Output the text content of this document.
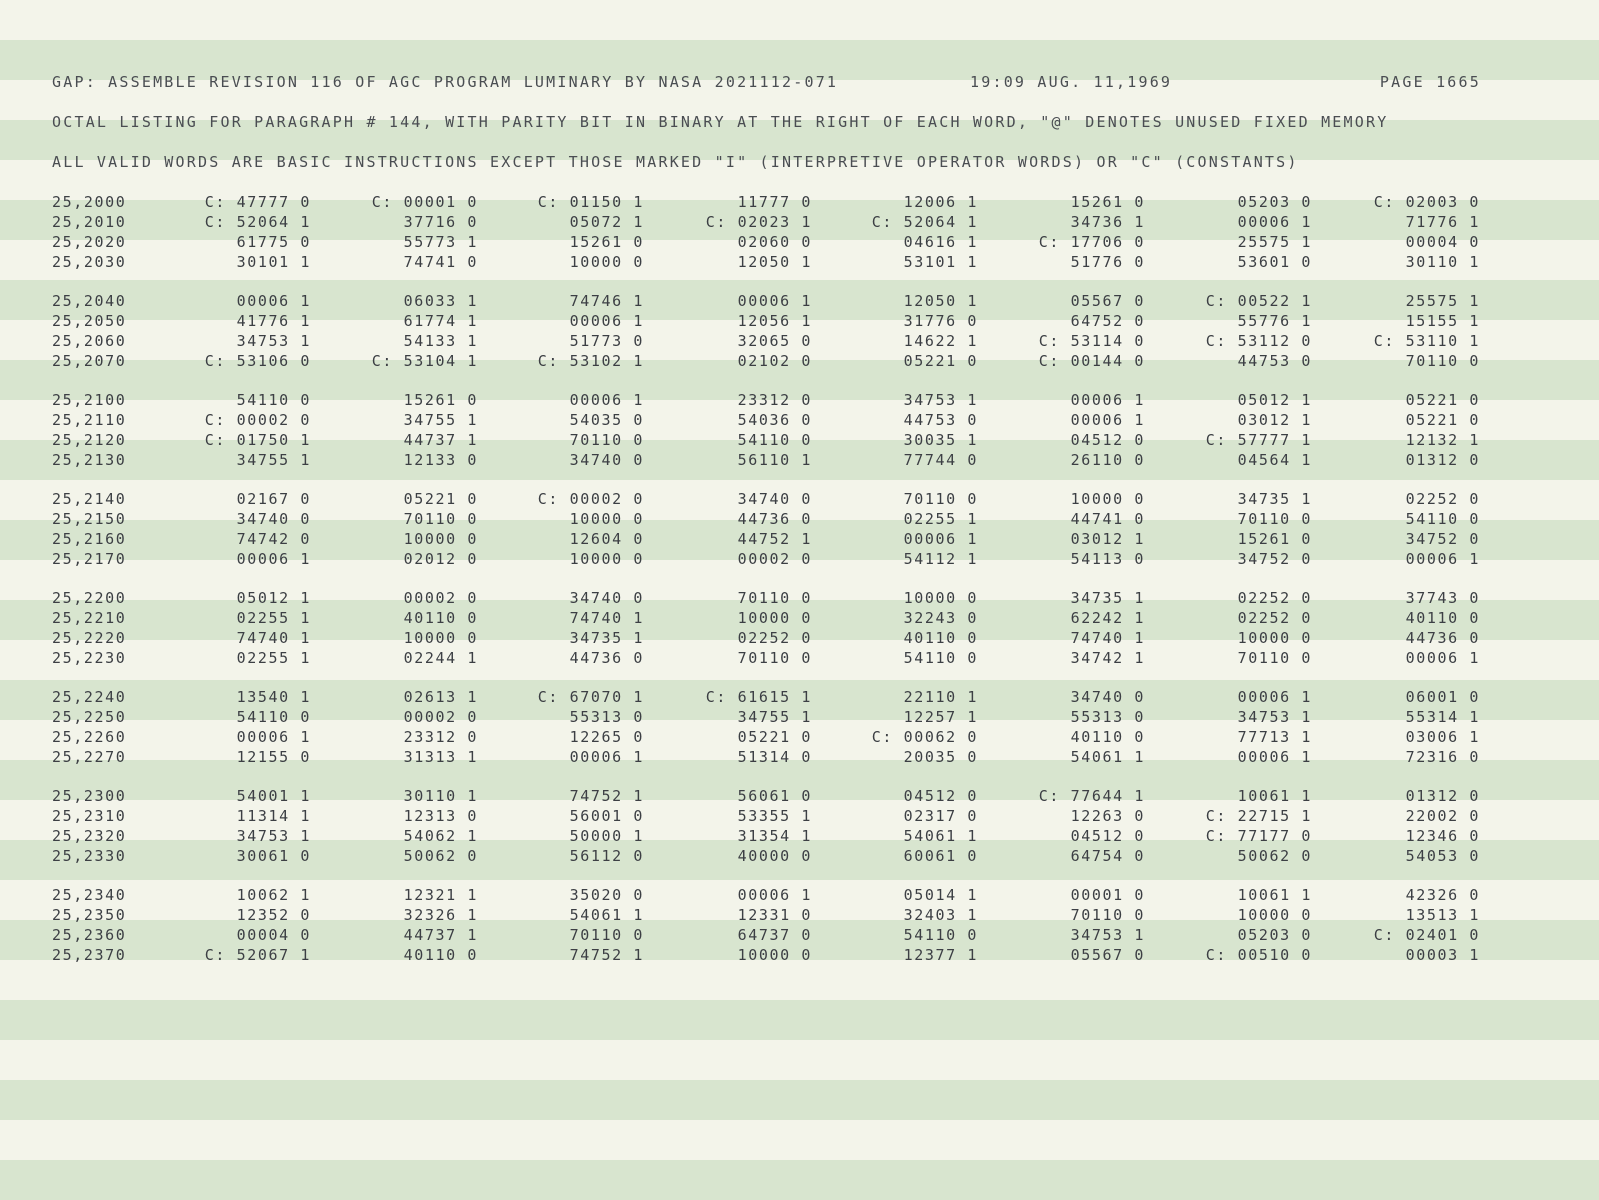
GAP: ASSEMBLE REVISION 116 OF AGC PROGRAM LUMINARY BY NASA 2021112-071	19:09 AUG. 11,1969	PAGE 1665
OCTAL LISTING FOR PARAGRAPH # 144, WITH PARITY BIT IN BINARY AT THE RIGHT OF EACH WORD, "@" DENOTES UNUSED FIXED MEMORY
ALL VALID WORDS ARE BASIC INSTRUCTIONS EXCEPT THOSE MARKED "I" (INTERPRETIVE OPERATOR WORDS) OR "C" (CONSTANTS)
25,2000	C: 47777 0	C: 00001 0	C: 01150 1	11777 0	12006 1	15261 0	05203 0	C: 02003 0
25,2010	C: 52064 1	37716 0	05072 1	C: 02023 1	C: 52064 1	34736 1	00006 1	71776 1
25,2020	61775 0	55773 1	15261 0	02060 0	04616 1	C: 17706 0	25575 1	00004 0
25,2030	30101 1	74741 0	10000 0	12050 1	53101 1	51776 0	53601 0	30110 1
25,2040	00006 1	06033 1	74746 1	00006 1	12050 1	05567 0	C: 00522 1	25575 1
25,2050	41776 1	61774 1	00006 1	12056 1	31776 0	64752 0	55776 1	15155 1
25,2060	34753 1	54133 1	51773 0	32065 0	14622 1	C: 53114 0	C: 53112 0	C: 53110 1
25,2070	C: 53106 0	C: 53104 1	C: 53102 1	02102 0	05221 0	C: 00144 0	44753 0	70110 0
25,2100	54110 0	15261 0	00006 1	23312 0	34753 1	00006 1	05012 1	05221 0
25,2110	C: 00002 0	34755 1	54035 0	54036 0	44753 0	00006 1	03012 1	05221 0
25,2120	C: 01750 1	44737 1	70110 0	54110 0	30035 1	04512 0	C: 57777 1	12132 1
25,2130	34755 1	12133 0	34740 0	56110 1	77744 0	26110 0	04564 1	01312 0
25,2140	02167 0	05221 0	C: 00002 0	34740 0	70110 0	10000 0	34735 1	02252 0
25,2150	34740 0	70110 0	10000 0	44736 0	02255 1	44741 0	70110 0	54110 0
25,2160	74742 0	10000 0	12604 0	44752 1	00006 1	03012 1	15261 0	34752 0
25,2170	00006 1	02012 0	10000 0	00002 0	54112 1	54113 0	34752 0	00006 1
25,2200	05012 1	00002 0	34740 0	70110 0	10000 0	34735 1	02252 0	37743 0
25,2210	02255 1	40110 0	74740 1	10000 0	32243 0	62242 1	02252 0	40110 0
25,2220	74740 1	10000 0	34735 1	02252 0	40110 0	74740 1	10000 0	44736 0
25,2230	02255 1	02244 1	44736 0	70110 0	54110 0	34742 1	70110 0	00006 1
25,2240	13540 1	02613 1	C: 67070 1	C: 61615 1	22110 1	34740 0	00006 1	06001 0
25,2250	54110 0	00002 0	55313 0	34755 1	12257 1	55313 0	34753 1	55314 1
25,2260	00006 1	23312 0	12265 0	05221 0	C: 00062 0	40110 0	77713 1	03006 1
25,2270	12155 0	31313 1	00006 1	51314 0	20035 0	54061 1	00006 1	72316 0
25,2300	54001 1	30110 1	74752 1	56061 0	04512 0	C: 77644 1	10061 1	01312 0
25,2310	11314 1	12313 0	56001 0	53355 1	02317 0	12263 0	C: 22715 1	22002 0
25,2320	34753 1	54062 1	50000 1	31354 1	54061 1	04512 0	C: 77177 0	12346 0
25,2330	30061 0	50062 0	56112 0	40000 0	60061 0	64754 0	50062 0	54053 0
25,2340	10062 1	12321 1	35020 0	00006 1	05014 1	00001 0	10061 1	42326 0
25,2350	12352 0	32326 1	54061 1	12331 0	32403 1	70110 0	10000 0	13513 1
25,2360	00004 0	44737 1	70110 0	64737 0	54110 0	34753 1	05203 0	C: 02401 0
25,2370	C: 52067 1	40110 0	74752 1	10000 0	12377 1	05567 0	C: 00510 0	00003 1
